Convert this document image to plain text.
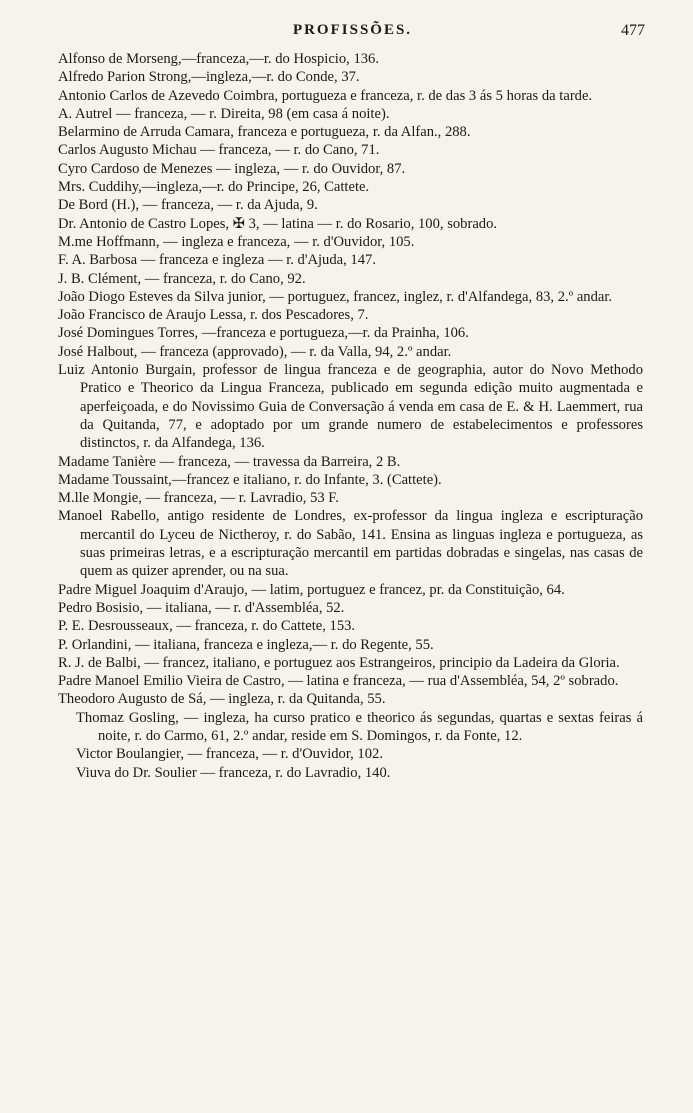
PROFISSÕES.	477

Alfonso de Morseng,—franceza,—r. do Hospicio, 136.

Alfredo Parion Strong,—ingleza,—r. do Conde, 37.

Antonio Carlos de Azevedo Coimbra, portugueza e franceza, r. de das 3 ás 5 horas da tarde.

A. Autrel — franceza, — r. Direita, 98 (em casa á noite).

Belarmino de Arruda Camara, franceza e portugueza, r. da Alfan., 288.

Carlos Augusto Michau — franceza, — r. do Cano, 71.

Cyro Cardoso de Menezes — ingleza, — r. do Ouvidor, 87.

Mrs. Cuddihy,—ingleza,—r. do Principe, 26, Cattete.

De Bord (H.), — franceza, — r. da Ajuda, 9.

Dr. Antonio de Castro Lopes, ✠ 3, — latina — r. do Rosario, 100, sobrado.

M.me Hoffmann, — ingleza e franceza, — r. d'Ouvidor, 105.

F. A. Barbosa — franceza e ingleza — r. d'Ajuda, 147.

J. B. Clément, — franceza, r. do Cano, 92.

João Diogo Esteves da Silva junior, — portuguez, francez, inglez, r. d'Alfandega, 83, 2.º andar.

João Francisco de Araujo Lessa, r. dos Pescadores, 7.

José Domingues Torres, —franceza e portugueza,—r. da Prainha, 106.

José Halbout, — franceza (approvado), — r. da Valla, 94, 2.º andar.

Luiz Antonio Burgain, professor de lingua franceza e de geographia, autor do Novo Methodo Pratico e Theorico da Lingua Franceza, publicado em segunda edição muito augmentada e aperfeiçoada, e do Novissimo Guia de Conversação á venda em casa de E. & H. Laemmert, rua da Quitanda, 77, e adoptado por um grande numero de estabelecimentos e professores distinctos, r. da Alfandega, 136.

Madame Tanière — franceza, — travessa da Barreira, 2 B.

Madame Toussaint,—francez e italiano, r. do Infante, 3. (Cattete).

M.lle Mongie, — franceza, — r. Lavradio, 53 F.

Manoel Rabello, antigo residente de Londres, ex-professor da lingua ingleza e escripturação mercantil do Lyceu de Nictheroy, r. do Sabão, 141. Ensina as linguas ingleza e portugueza, as suas primeiras letras, e a escripturação mercantil em partidas dobradas e singelas, nas casas de quem as quizer aprender, ou na sua.

Padre Miguel Joaquim d'Araujo, — latim, portuguez e francez, pr. da Constituição, 64.

Pedro Bosisio, — italiana, — r. d'Assembléa, 52.

P. E. Desrousseaux, — franceza, r. do Cattete, 153.

P. Orlandini, — italiana, franceza e ingleza,— r. do Regente, 55.

R. J. de Balbi, — francez, italiano, e portuguez aos Estrangeiros, principio da Ladeira da Gloria.

Padre Manoel Emilio Vieira de Castro, — latina e franceza, — rua d'Assembléa, 54, 2º sobrado.

Theodoro Augusto de Sá, — ingleza, r. da Quitanda, 55.

Thomaz Gosling, — ingleza, ha curso pratico e theorico ás segundas, quartas e sextas feiras á noite, r. do Carmo, 61, 2.º andar, reside em S. Domingos, r. da Fonte, 12.

Victor Boulangier, — franceza, — r. d'Ouvidor, 102.

Viuva do Dr. Soulier — franceza, r. do Lavradio, 140.
